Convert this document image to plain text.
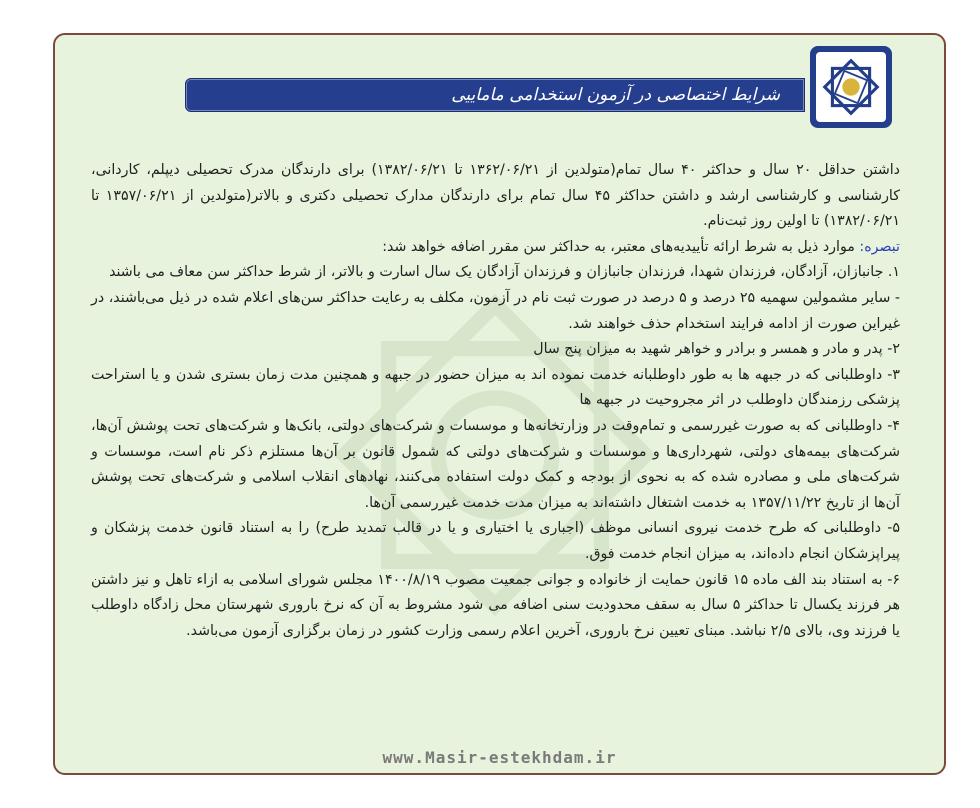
شرایط اختصاصی در آزمون استخدامی ماماییی

داشتن حداقل ۲۰ سال و حداکثر ۴۰ سال تمام(متولدین از ۱۳۶۲/۰۶/۲۱ تا ۱۳۸۲/۰۶/۲۱) برای دارندگان مدرک تحصیلی دیپلم، کاردانی، کارشناسی و کارشناسی ارشد و داشتن حداکثر ۴۵ سال تمام برای دارندگان مدارک تحصیلی دکتری و بالاتر(متولدین از ۱۳۵۷/۰۶/۲۱ تا ۱۳۸۲/۰۶/۲۱) تا اولین روز ثبت‌نام.

تبصره: موارد ذیل به شرط ارائه تأییدیه‌های معتبر، به حداکثر سن مقرر اضافه خواهد شد:

۱. جانبازان، آزادگان، فرزندان شهدا، فرزندان جانبازان و فرزندان آزادگان یک سال اسارت و بالاتر، از شرط حداکثر سن معاف می باشند

- سایر مشمولین سهمیه ۲۵ درصد و ۵ درصد در صورت ثبت نام در آزمون، مکلف به رعایت حداکثر سن‌های اعلام شده در ذیل می‌باشند، در غیراین صورت از ادامه فرایند استخدام حذف خواهند شد.

۲- پدر و مادر و همسر و برادر و خواهر شهید به میزان پنج سال

۳- داوطلبانی که در جبهه ها به طور داوطلبانه خدمت نموده اند به میزان حضور در جبهه و همچنین مدت زمان بستری شدن و یا استراحت پزشکی رزمندگان داوطلب در اثر مجروحیت در جبهه ها

۴- داوطلبانی که به صورت غیررسمی و تمام‌وقت در وزارتخانه‌ها و موسسات و شرکت‌های دولتی، بانک‌ها و شرکت‌های تحت پوشش آن‌ها، شرکت‌های بیمه‌های دولتی، شهرداری‌ها و موسسات و شرکت‌های دولتی که شمول قانون بر آن‌ها مستلزم ذکر نام است، موسسات و شرکت‌های ملی و مصادره شده که به نحوی از بودجه و کمک دولت استفاده می‌کنند، نهادهای انقلاب اسلامی و شرکت‌های تحت پوشش آن‌ها از تاریخ ۱۳۵۷/۱۱/۲۲ به خدمت اشتغال داشته‌اند به میزان مدت خدمت غیررسمی آن‌ها.

۵- داوطلبانی که طرح خدمت نیروی انسانی موظف (اجباری یا اختیاری و یا در قالب تمدید طرح) را به استناد قانون خدمت پزشکان و پیراپزشکان انجام داده‌اند، به میزان انجام خدمت فوق.

۶- به استناد بند الف ماده ۱۵ قانون حمایت از خانواده و جوانی جمعیت مصوب ۱۴۰۰/۸/۱۹ مجلس شورای اسلامی به ازاء تاهل و نیز داشتن هر فرزند یکسال تا حداکثر ۵ سال به سقف محدودیت سنی اضافه می شود مشروط به آن که نرخ باروری شهرستان محل زادگاه داوطلب یا فرزند وی، بالای ۲/۵ نباشد. مبنای تعیین نرخ باروری، آخرین اعلام رسمی وزارت کشور در زمان برگزاری آزمون می‌باشد.

www.Masir-estekhdam.ir
